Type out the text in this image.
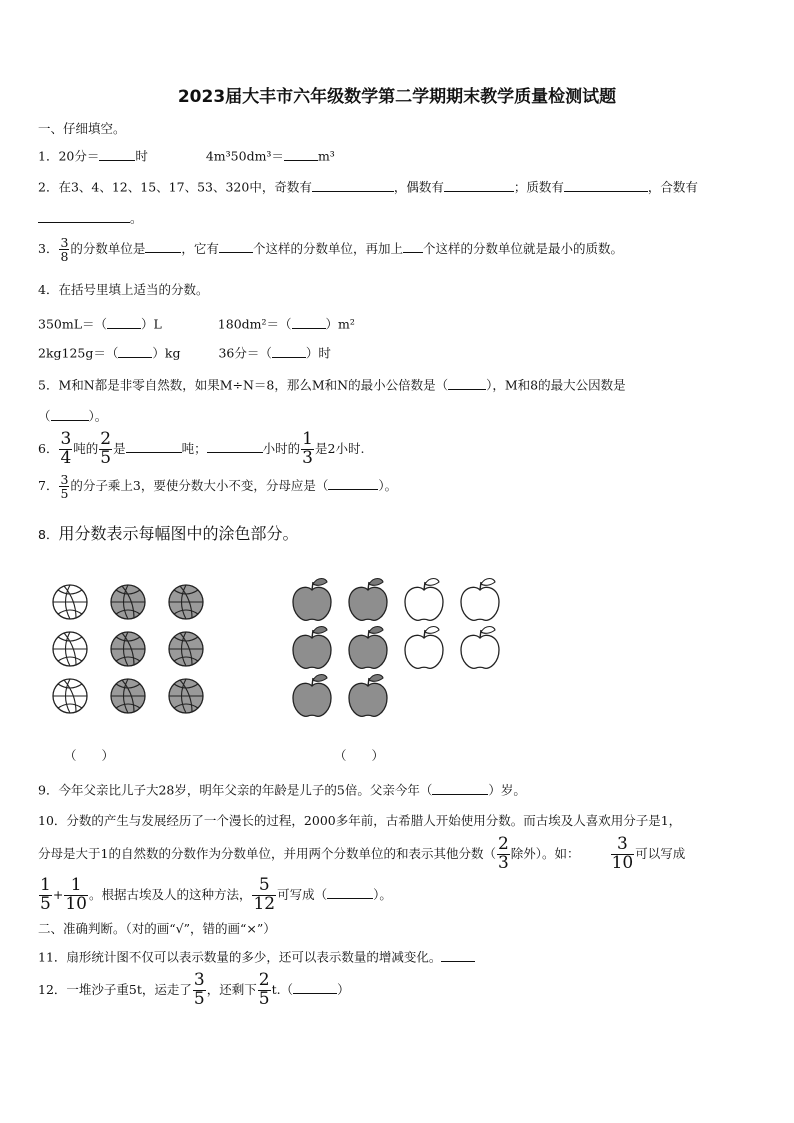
2023届大丰市六年级数学第二学期期末教学质量检测试题
一、仔细填空。
1．20分＝	时	4m³50dm³＝	m³
2．在3、4、12、15、17、53、320中，奇数有	，偶数有	；质数有	，合数有
。
3． $\frac{3}{8}$ 的分数单位是	，它有	个这样的分数单位，再加上 个这样的分数单位就是最小的质数。
4．在括号里填上适当的分数。
350mL＝（	）L	180dm²＝（	）m²
2kg125g＝（	）kg	36分＝（	）时
5．M和N都是非零自然数，如果M÷N＝8，那么M和N的最小公倍数是（	），M和8的最大公因数是
（	）。
6． $\frac{3}{4}$ 吨的 $\frac{2}{5}$ 是	吨；	小时的 $\frac{1}{3}$ 是2小时.
7． $\frac{3}{5}$ 的分子乘上3，要使分数大小不变，分母应是（	）。
8．用分数表示每幅图中的涂色部分。
（　　）	（　　）
9．今年父亲比儿子大28岁，明年父亲的年龄是儿子的5倍。父亲今年（	）岁。
10．分数的产生与发展经历了一个漫长的过程，2000多年前，古希腊人开始使用分数。而古埃及人喜欢用分子是1，
分母是大于1的自然数的分数作为分数单位，并用两个分数单位的和表示其他分数（ $\frac{2}{3}$ 除外）。如： $\frac{3}{10}$ 可以写成
$\frac{1}{5} + \frac{1}{10}$ 。根据古埃及人的这种方法， $\frac{5}{12}$ 可写成（	）。
二、准确判断。（对的画“√”，错的画“×”）
11．扇形统计图不仅可以表示数量的多少，还可以表示数量的增减变化。
12．一堆沙子重5t，运走了 $\frac{3}{5}$ ，还剩下 $\frac{2}{5} t$.（	）
